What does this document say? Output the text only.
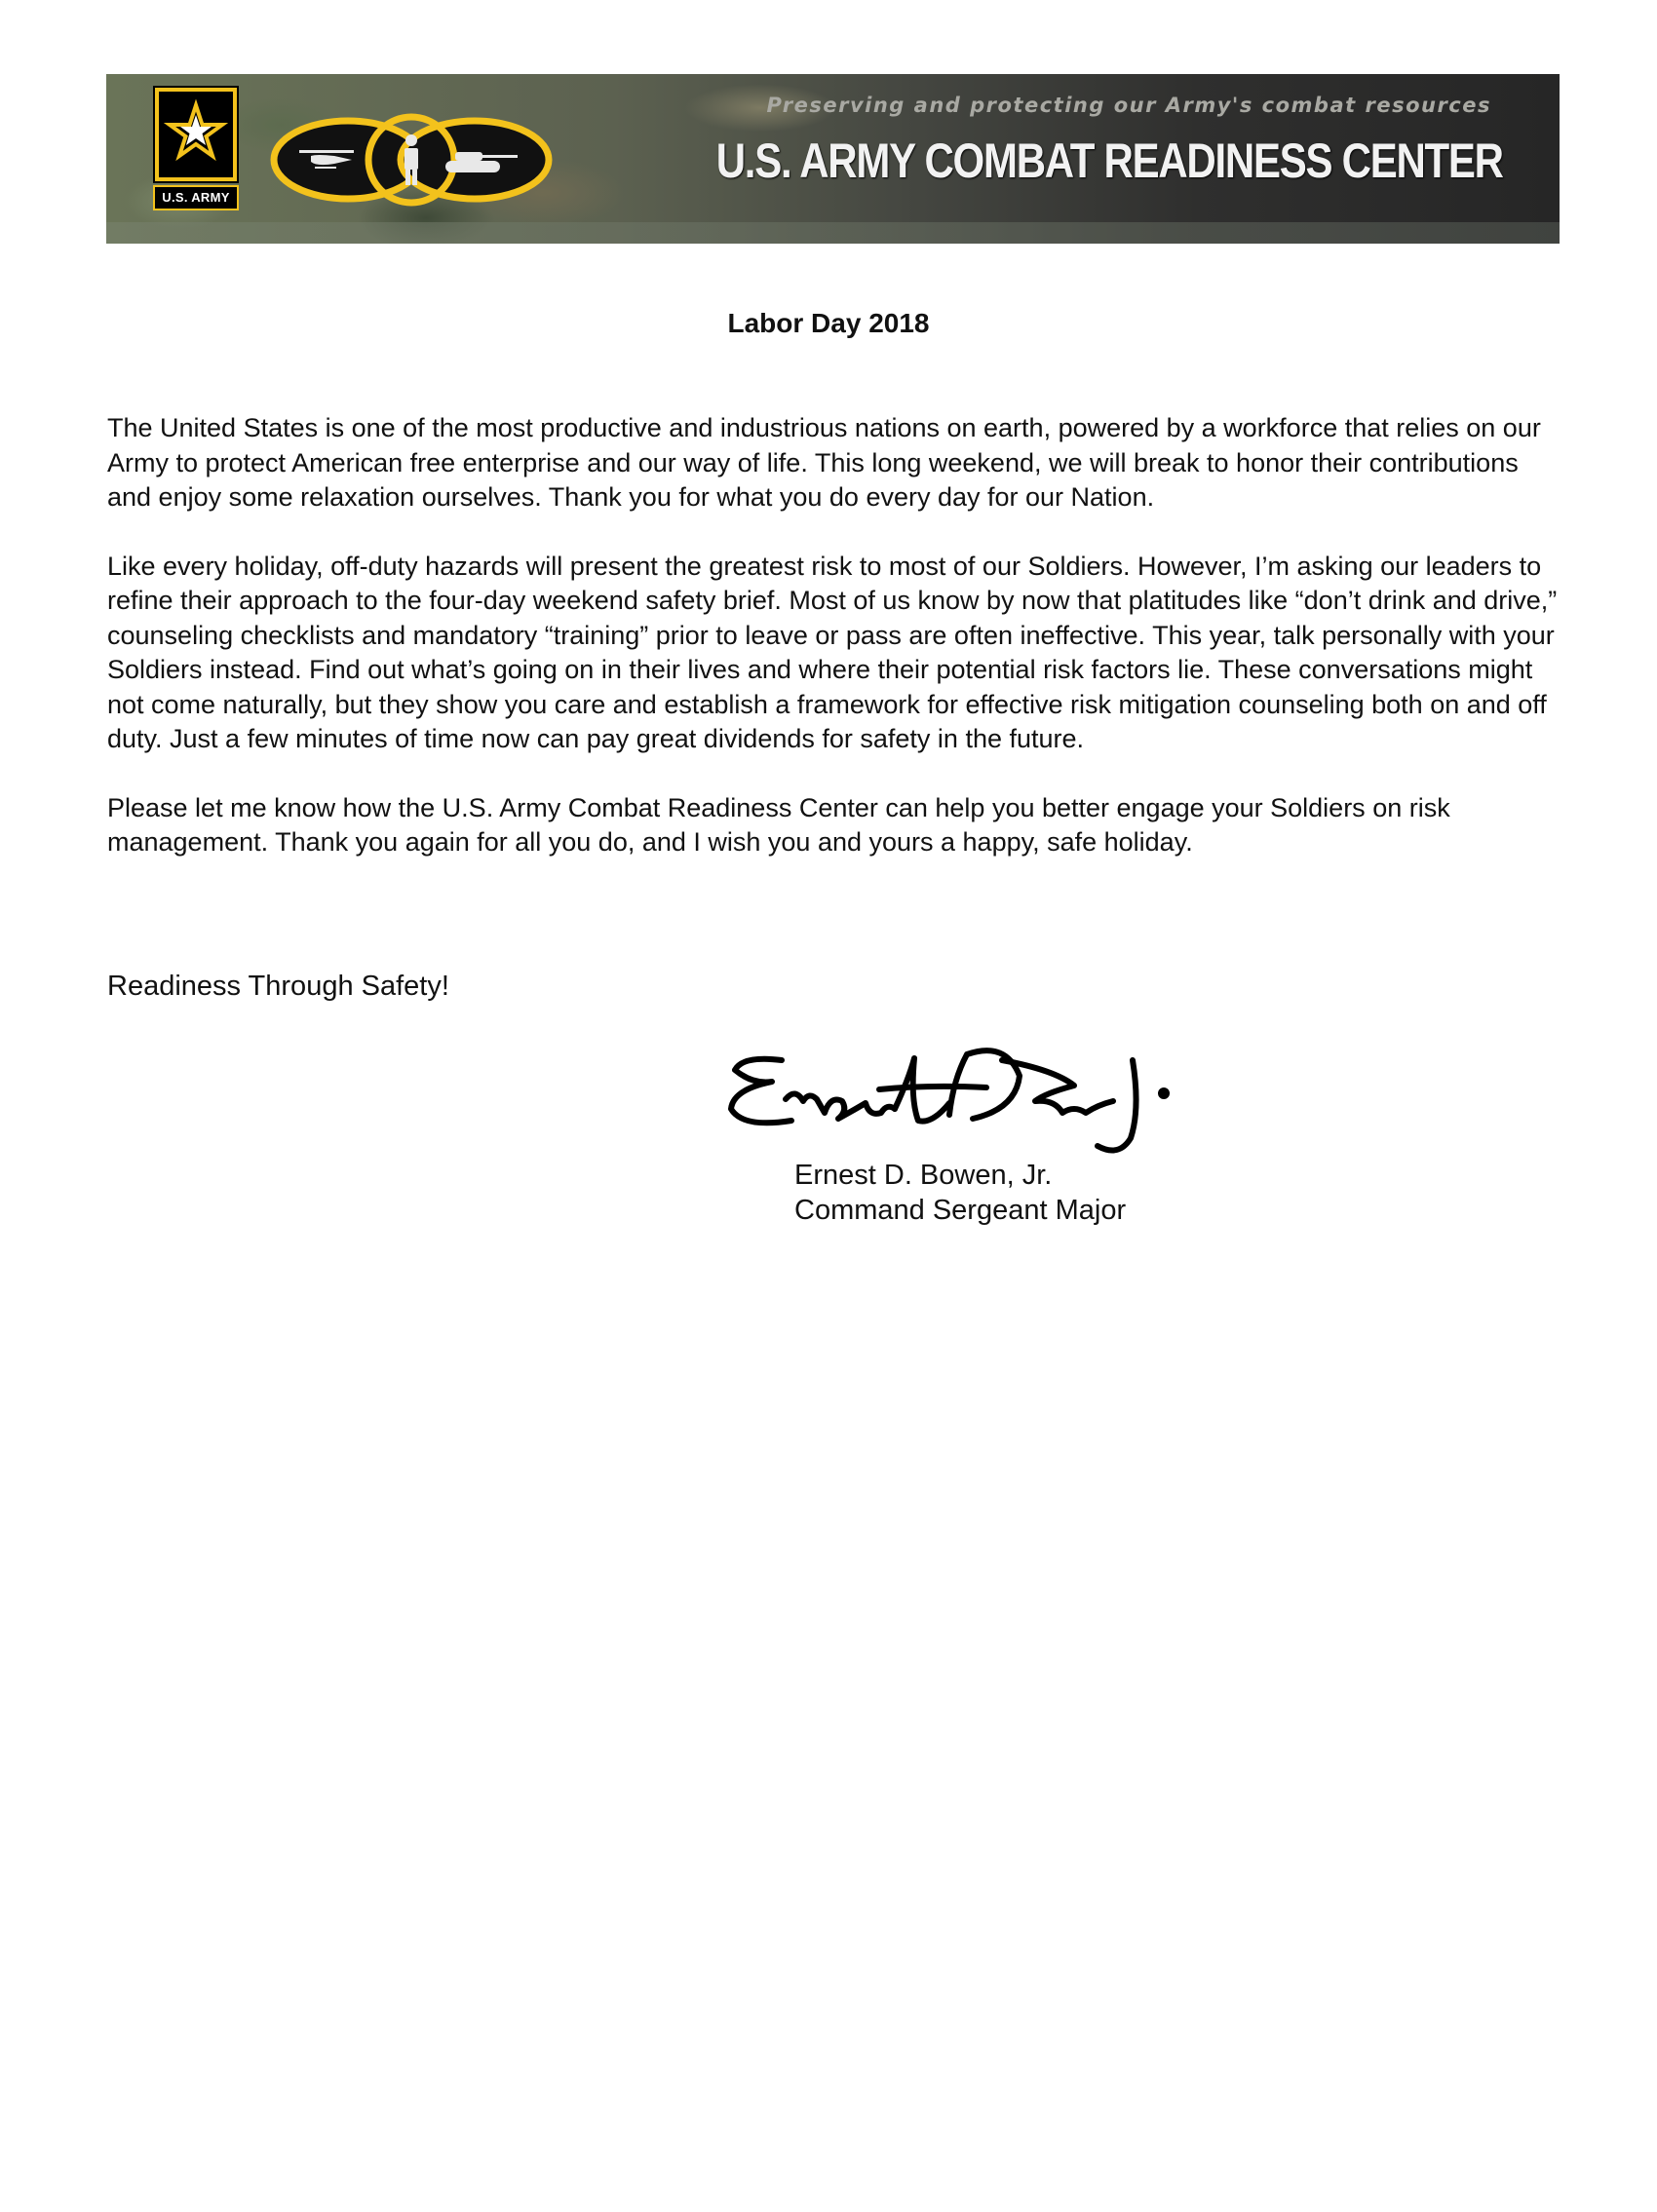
U.S. ARMY
Preserving and protecting our Army's combat resources
U.S. ARMY COMBAT READINESS CENTER
Labor Day 2018

The United States is one of the most productive and industrious nations on earth, powered by a workforce that relies on our Army to protect American free enterprise and our way of life. This long weekend, we will break to honor their contributions and enjoy some relaxation ourselves. Thank you for what you do every day for our Nation.

Like every holiday, off-duty hazards will present the greatest risk to most of our Soldiers. However, I’m asking our leaders to refine their approach to the four-day weekend safety brief. Most of us know by now that platitudes like “don’t drink and drive,” counseling checklists and mandatory “training” prior to leave or pass are often ineffective. This year, talk personally with your Soldiers instead. Find out what’s going on in their lives and where their potential risk factors lie. These conversations might not come naturally, but they show you care and establish a framework for effective risk mitigation counseling both on and off duty. Just a few minutes of time now can pay great dividends for safety in the future.

Please let me know how the U.S. Army Combat Readiness Center can help you better engage your Soldiers on risk management. Thank you again for all you do, and I wish you and yours a happy, safe holiday.

Readiness Through Safety!
Ernest D. Bowen, Jr.
Command Sergeant Major
